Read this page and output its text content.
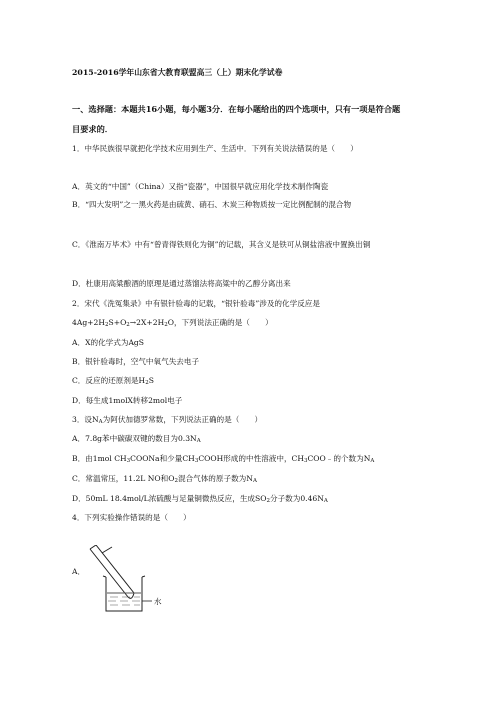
2015-2016学年山东省大教育联盟高三（上）期末化学试卷
一、选择题：本题共16小题，每小题3分．在每小题给出的四个选项中，只有一项是符合题
目要求的．
1．中华民族很早就把化学技术应用到生产、生活中．下列有关说法错误的是（　　）
A．英文的“中国”（China）又指“瓷器”，中国很早就应用化学技术制作陶瓷
B．“四大发明”之一黑火药是由硫黄、硝石、木炭三种物质按一定比例配制的混合物
C．《淮南万毕术》中有“曾青得铁则化为铜”的记载，其含义是铁可从铜盐溶液中置换出铜
D．杜康用高粱酿酒的原理是通过蒸馏法将高粱中的乙醇分离出来
2．宋代《洗冤集录》中有银针验毒的记载，“银针验毒”涉及的化学反应是
$4Ag+2H_2S+O_2\to 2X+2H_2O$，下列说法正确的是（　　）
A．X的化学式为AgS
B．银针验毒时，空气中氧气失去电子
C．反应的还原剂是$H_2S$
D．每生成1molX转移2mol电子
3．设$N_A$为阿伏加德罗常数，下列说法正确的是（　　）
A．7.8g苯中碳碳双键的数目为$0.3N_A$
B．由1mol $CH_3COONa$和少量$CH_3COOH$形成的中性溶液中，$CH_3COO﹣$的个数为$N_A$
C．常温常压，11.2L NO和$O_2$混合气体的原子数为$N_A$
D．50mL 18.4mol/L浓硫酸与足量铜微热反应，生成$SO_2$分子数为$0.46N_A$
4．下列实验操作错误的是（　　）
A．
水
